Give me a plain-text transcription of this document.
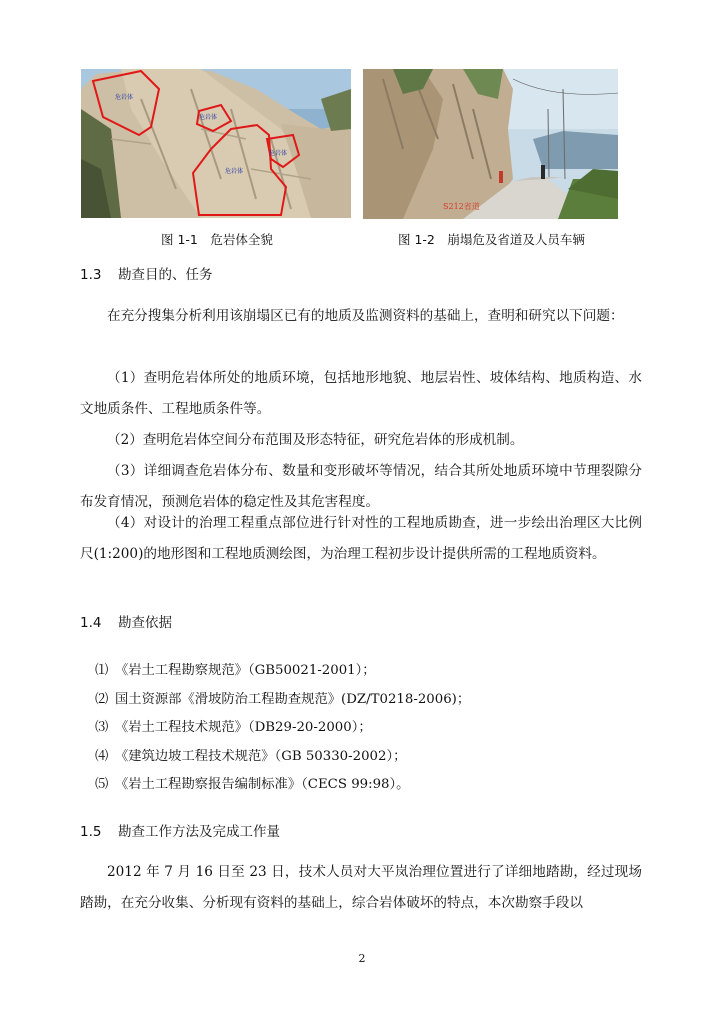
危岩体
危岩体
危岩体
危岩体
图 1-1　危岩体全貌
S212省道
图 1-2　崩塌危及省道及人员车辆
1.3 勘查目的、任务

在充分搜集分析利用该崩塌区已有的地质及监测资料的基础上，查明和研究以下问题：

（1）查明危岩体所处的地质环境，包括地形地貌、地层岩性、坡体结构、地质构造、水文地质条件、工程地质条件等。

（2）查明危岩体空间分布范围及形态特征，研究危岩体的形成机制。

（3）详细调查危岩体分布、数量和变形破坏等情况，结合其所处地质环境中节理裂隙分布发育情况，预测危岩体的稳定性及其危害程度。

（4）对设计的治理工程重点部位进行针对性的工程地质勘查，进一步绘出治理区大比例尺(1:200)的地形图和工程地质测绘图，为治理工程初步设计提供所需的工程地质资料。

1.4 勘查依据
⑴ 《岩土工程勘察规范》（GB50021-2001）；
⑵ 国土资源部《滑坡防治工程勘查规范》(DZ/T0218-2006)；
⑶ 《岩土工程技术规范》（DB29-20-2000）；
⑷ 《建筑边坡工程技术规范》（GB 50330-2002）；
⑸ 《岩土工程勘察报告编制标准》（CECS 99:98）。
1.5 勘查工作方法及完成工作量

2012 年 7 月 16 日至 23 日，技术人员对大平岚治理位置进行了详细地踏勘，经过现场踏勘，在充分收集、分析现有资料的基础上，综合岩体破坏的特点，本次勘察手段以

2
